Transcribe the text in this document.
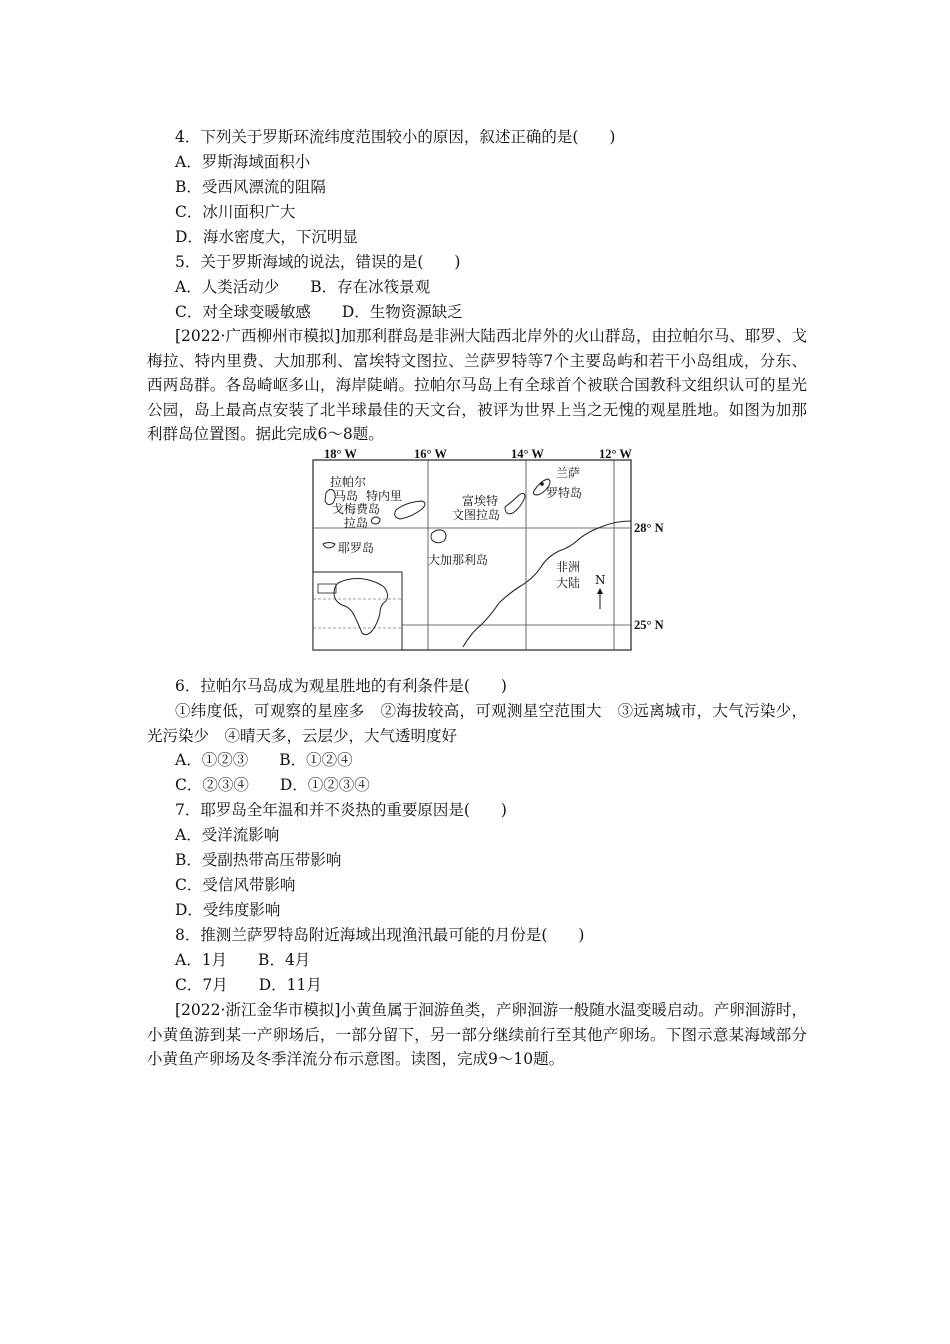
4．下列关于罗斯环流纬度范围较小的原因，叙述正确的是(　　)
A．罗斯海域面积小
B．受西风漂流的阻隔
C．冰川面积广大
D．海水密度大，下沉明显
5．关于罗斯海域的说法，错误的是(　　)
A．人类活动少　　B．存在冰筏景观
C．对全球变暖敏感　　D．生物资源缺乏
[2022·广西柳州市模拟]加那利群岛是非洲大陆西北岸外的火山群岛，由拉帕尔马、耶罗、戈梅拉、特内里费、大加那利、富埃特文图拉、兰萨罗特等7个主要岛屿和若干小岛组成，分东、西两岛群。各岛崎岖多山，海岸陡峭。拉帕尔马岛上有全球首个被联合国教科文组织认可的星光公园，岛上最高点安装了北半球最佳的天文台，被评为世界上当之无愧的观星胜地。如图为加那利群岛位置图。据此完成6～8题。
18° W	16° W	14° W	12° W
28° N
25° N
拉帕尔
马岛 特内里
戈梅费岛
拉岛
耶罗岛
大加那利岛
富埃特
文图拉岛
兰萨
罗特岛
非洲
大陆 N
6．拉帕尔马岛成为观星胜地的有利条件是(　　)
①纬度低，可观察的星座多　②海拔较高，可观测星空范围大　③远离城市，大气污染少，光污染少　④晴天多，云层少，大气透明度好
A．①②③　　B．①②④
C．②③④　　D．①②③④
7．耶罗岛全年温和并不炎热的重要原因是(　　)
A．受洋流影响
B．受副热带高压带影响
C．受信风带影响
D．受纬度影响
8．推测兰萨罗特岛附近海域出现渔汛最可能的月份是(　　)
A．1月　　B．4月
C．7月　　D．11月
[2022·浙江金华市模拟]小黄鱼属于洄游鱼类，产卵洄游一般随水温变暖启动。产卵洄游时，小黄鱼游到某一产卵场后，一部分留下，另一部分继续前行至其他产卵场。下图示意某海域部分小黄鱼产卵场及冬季洋流分布示意图。读图，完成9～10题。
